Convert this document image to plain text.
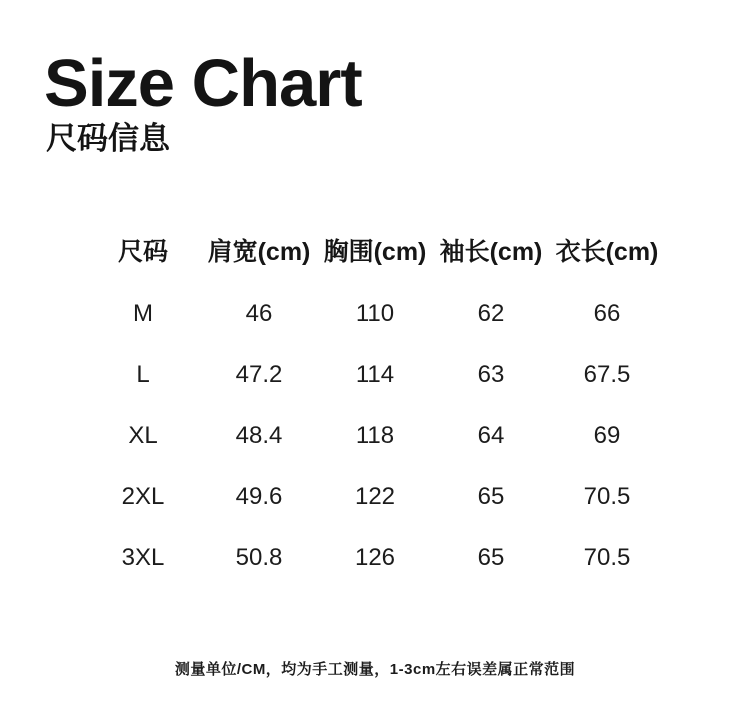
Size Chart
尺码信息
尺码	肩宽(cm)	胸围(cm)	袖长(cm)	衣长(cm)
M	46	110	62	66
L	47.2	114	63	67.5
XL	48.4	118	64	69
2XL	49.6	122	65	70.5
3XL	50.8	126	65	70.5
测量单位/CM，均为手工测量，1-3cm左右误差属正常范围
